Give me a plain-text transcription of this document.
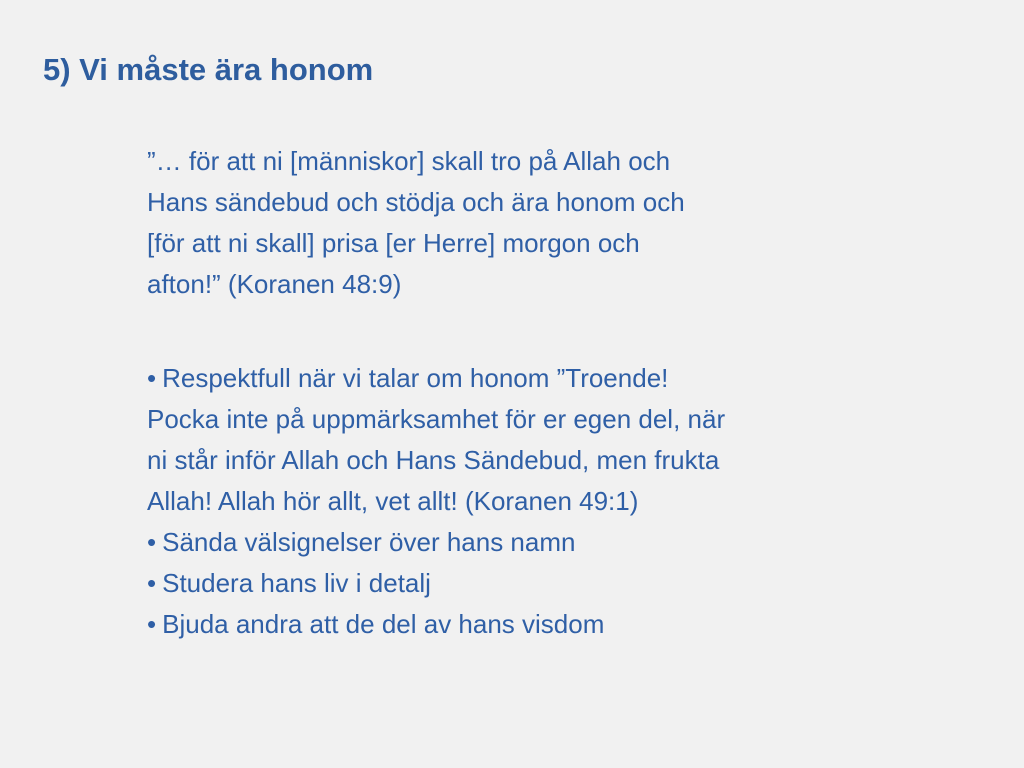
5) Vi måste ära honom

”… för att ni [människor] skall tro på Allah och
Hans sändebud och stödja och ära honom och
[för att ni skall] prisa [er Herre] morgon och
afton!” (Koranen 48:9)

• Respektfull när vi talar om honom ”Troende!
Pocka inte på uppmärksamhet för er egen del, när
ni står inför Allah och Hans Sändebud, men frukta
Allah! Allah hör allt, vet allt! (Koranen 49:1)
• Sända välsignelser över hans namn
• Studera hans liv i detalj
• Bjuda andra att de del av hans visdom
